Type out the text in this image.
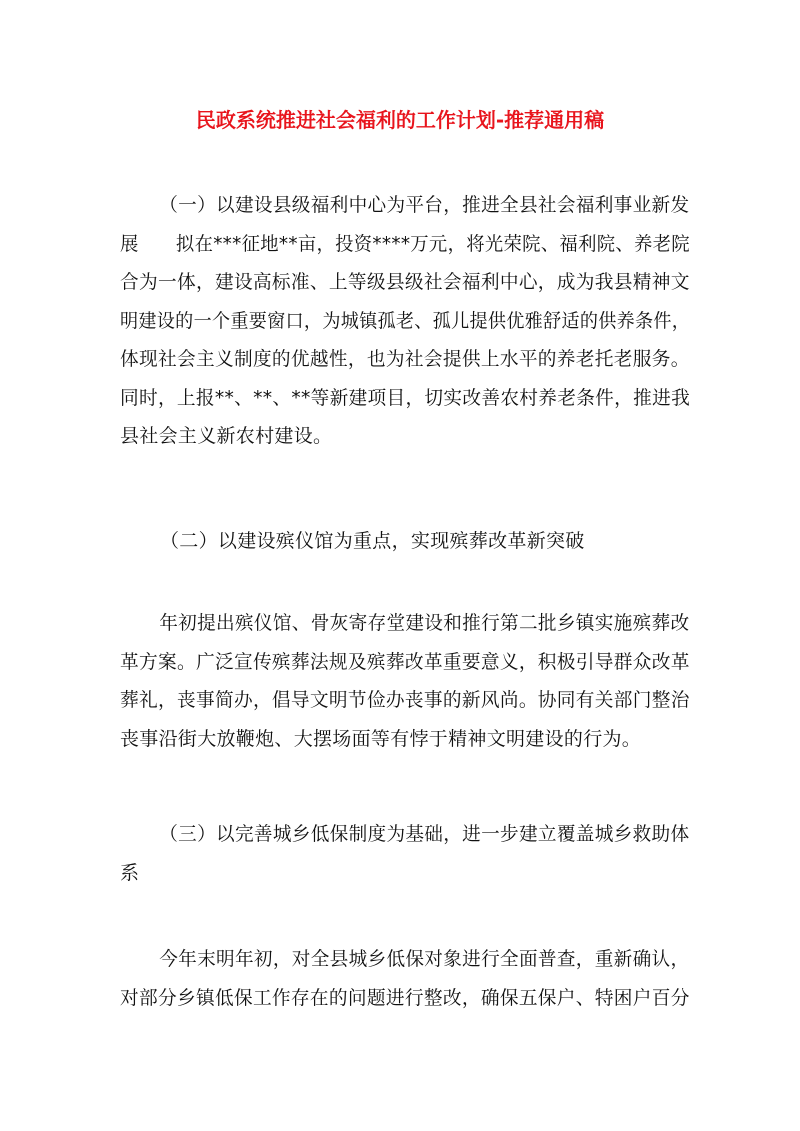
民政系统推进社会福利的工作计划-推荐通用稿
（一）以建设县级福利中心为平台，推进全县社会福利事业新发
展　　拟在***征地**亩，投资****万元，将光荣院、福利院、养老院
合为一体，建设高标准、上等级县级社会福利中心，成为我县精神文
明建设的一个重要窗口，为城镇孤老、孤儿提供优雅舒适的供养条件，
体现社会主义制度的优越性，也为社会提供上水平的养老托老服务。
同时，上报**、**、**等新建项目，切实改善农村养老条件，推进我
县社会主义新农村建设。
（二）以建设殡仪馆为重点，实现殡葬改革新突破
年初提出殡仪馆、骨灰寄存堂建设和推行第二批乡镇实施殡葬改
革方案。广泛宣传殡葬法规及殡葬改革重要意义，积极引导群众改革
葬礼，丧事简办，倡导文明节俭办丧事的新风尚。协同有关部门整治
丧事沿街大放鞭炮、大摆场面等有悖于精神文明建设的行为。
（三）以完善城乡低保制度为基础，进一步建立覆盖城乡救助体
系
今年末明年初，对全县城乡低保对象进行全面普查，重新确认，
对部分乡镇低保工作存在的问题进行整改，确保五保户、特困户百分
